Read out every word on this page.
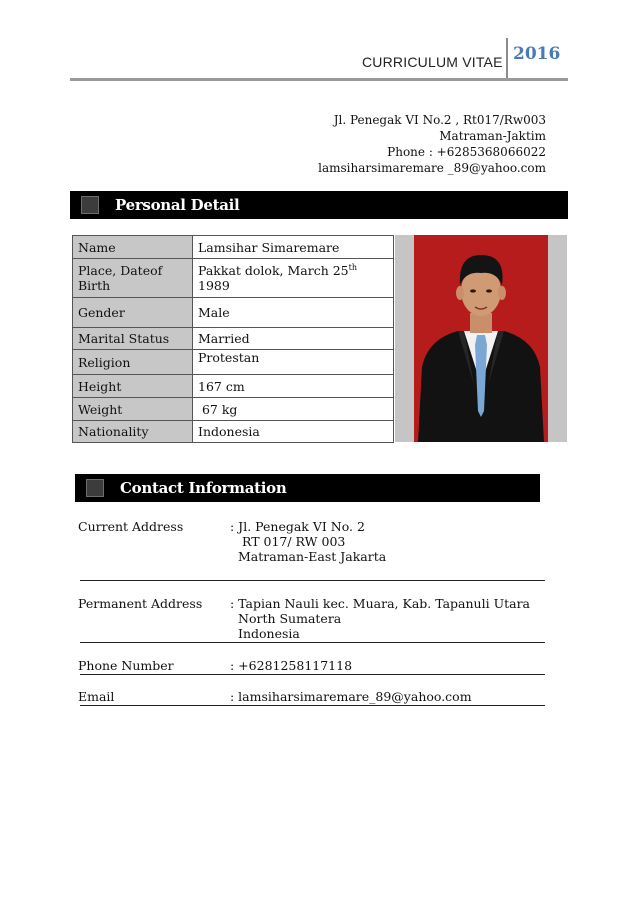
CURRICULUM VITAE 2016
Jl. Penegak VI No.2 , Rt017/Rw003
Matraman-Jaktim
Phone : +6285368066022
lamsiharsimaremare _89@yahoo.com
Personal Detail
Name	Lamsihar Simaremare
Place, Dateof Birth	Pakkat dolok, March 25th 1989
Gender	Male
Marital Status	Married
Religion	Protestan
Height	167 cm
Weight	67 kg
Nationality	Indonesia
Contact Information
Current Address	: Jl. Penegak VI No. 2
RT 017/ RW 003
Matraman-East Jakarta
Permanent Address : Tapian Nauli kec. Muara, Kab. Tapanuli Utara
North Sumatera
Indonesia
Phone Number	: +6281258117118
Email	: lamsiharsimaremare_89@yahoo.com
